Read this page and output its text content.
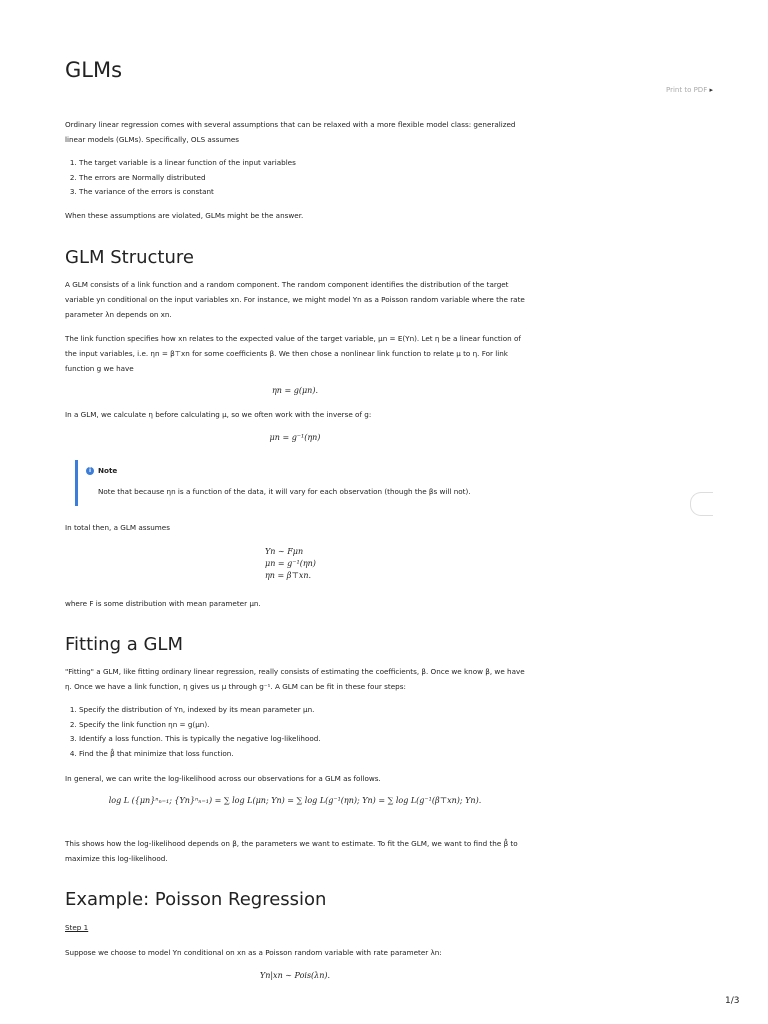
Print to PDF ▸
1/3
GLMs

Ordinary linear regression comes with several assumptions that can be relaxed with a more flexible model class: generalized linear models (GLMs). Specifically, OLS assumes

1. The target variable is a linear function of the input variables
2. The errors are Normally distributed
3. The variance of the errors is constant

When these assumptions are violated, GLMs might be the answer.

GLM Structure

A GLM consists of a link function and a random component. The random component identifies the distribution of the target variable yn conditional on the input variables xn. For instance, we might model Yn as a Poisson random variable where the rate parameter λn depends on xn.

The link function specifies how xn relates to the expected value of the target variable, μn = E(Yn). Let η be a linear function of the input variables, i.e. ηn = β⊤xn for some coefficients β. We then chose a nonlinear link function to relate μ to η. For link function g we have

ηn = g(μn).

In a GLM, we calculate η before calculating μ, so we often work with the inverse of g:

μn = g⁻¹(ηn)
i Note
Note that because ηn is a function of the data, it will vary for each observation (though the βs will not).

In total then, a GLM assumes

Yn ∼ Fμn
μn = g⁻¹(ηn)
ηn = β⊤xn.

where F is some distribution with mean parameter μn.

Fitting a GLM

"Fitting" a GLM, like fitting ordinary linear regression, really consists of estimating the coefficients, β. Once we know β, we have η. Once we have a link function, η gives us μ through g⁻¹. A GLM can be fit in these four steps:

1. Specify the distribution of Yn, indexed by its mean parameter μn.
2. Specify the link function ηn = g(μn).
3. Identify a loss function. This is typically the negative log-likelihood.
4. Find the β̂ that minimize that loss function.

In general, we can write the log-likelihood across our observations for a GLM as follows.

log L ({μn}ⁿₙ₌₁; {Yn}ⁿₙ₌₁) = ∑ log L(μn; Yn) = ∑ log L(g⁻¹(ηn); Yn) = ∑ log L(g⁻¹(β⊤xn); Yn).

This shows how the log-likelihood depends on β, the parameters we want to estimate. To fit the GLM, we want to find the β̂ to maximize this log-likelihood.

Example: Poisson Regression

Step 1

Suppose we choose to model Yn conditional on xn as a Poisson random variable with rate parameter λn:

Yn|xn ∼ Pois(λn).
